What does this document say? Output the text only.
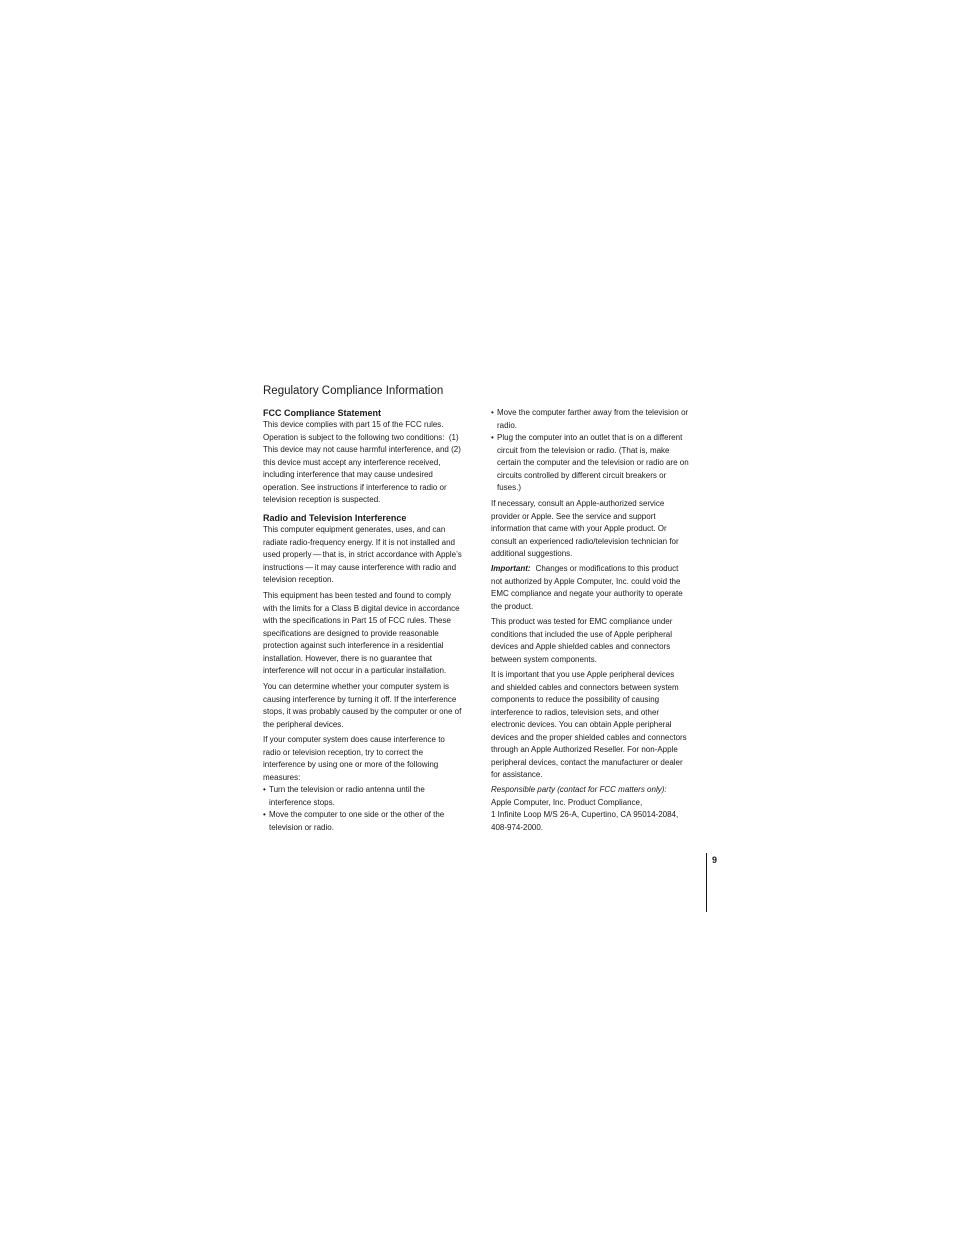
Regulatory Compliance Information
FCC Compliance Statement
This device complies with part 15 of the FCC rules.
Operation is subject to the following two conditions:  (1)
This device may not cause harmful interference, and (2)
this device must accept any interference received,
including interference that may cause undesired
operation. See instructions if interference to radio or
television reception is suspected.
Radio and Television Interference
This computer equipment generates, uses, and can
radiate radio-frequency energy. If it is not installed and
used properly — that is, in strict accordance with Apple’s
instructions — it may cause interference with radio and
television reception.
This equipment has been tested and found to comply
with the limits for a Class B digital device in accordance
with the specifications in Part 15 of FCC rules. These
specifications are designed to provide reasonable
protection against such interference in a residential
installation. However, there is no guarantee that
interference will not occur in a particular installation.
You can determine whether your computer system is
causing interference by turning it off. If the interference
stops, it was probably caused by the computer or one of
the peripheral devices.
If your computer system does cause interference to
radio or television reception, try to correct the
interference by using one or more of the following
measures:
• Turn the television or radio antenna until the
interference stops.
• Move the computer to one side or the other of the
television or radio.
• Move the computer farther away from the television or
radio.
• Plug the computer into an outlet that is on a different
circuit from the television or radio. (That is, make
certain the computer and the television or radio are on
circuits controlled by different circuit breakers or
fuses.)
If necessary, consult an Apple-authorized service
provider or Apple. See the service and support
information that came with your Apple product. Or
consult an experienced radio/television technician for
additional suggestions.
Important: Changes or modifications to this product
not authorized by Apple Computer, Inc. could void the
EMC compliance and negate your authority to operate
the product.
This product was tested for EMC compliance under
conditions that included the use of Apple peripheral
devices and Apple shielded cables and connectors
between system components.
It is important that you use Apple peripheral devices
and shielded cables and connectors between system
components to reduce the possibility of causing
interference to radios, television sets, and other
electronic devices. You can obtain Apple peripheral
devices and the proper shielded cables and connectors
through an Apple Authorized Reseller. For non-Apple
peripheral devices, contact the manufacturer or dealer
for assistance.
Responsible party (contact for FCC matters only):
Apple Computer, Inc. Product Compliance,
1 Infinite Loop M/S 26-A, Cupertino, CA 95014-2084,
408-974-2000.
9
